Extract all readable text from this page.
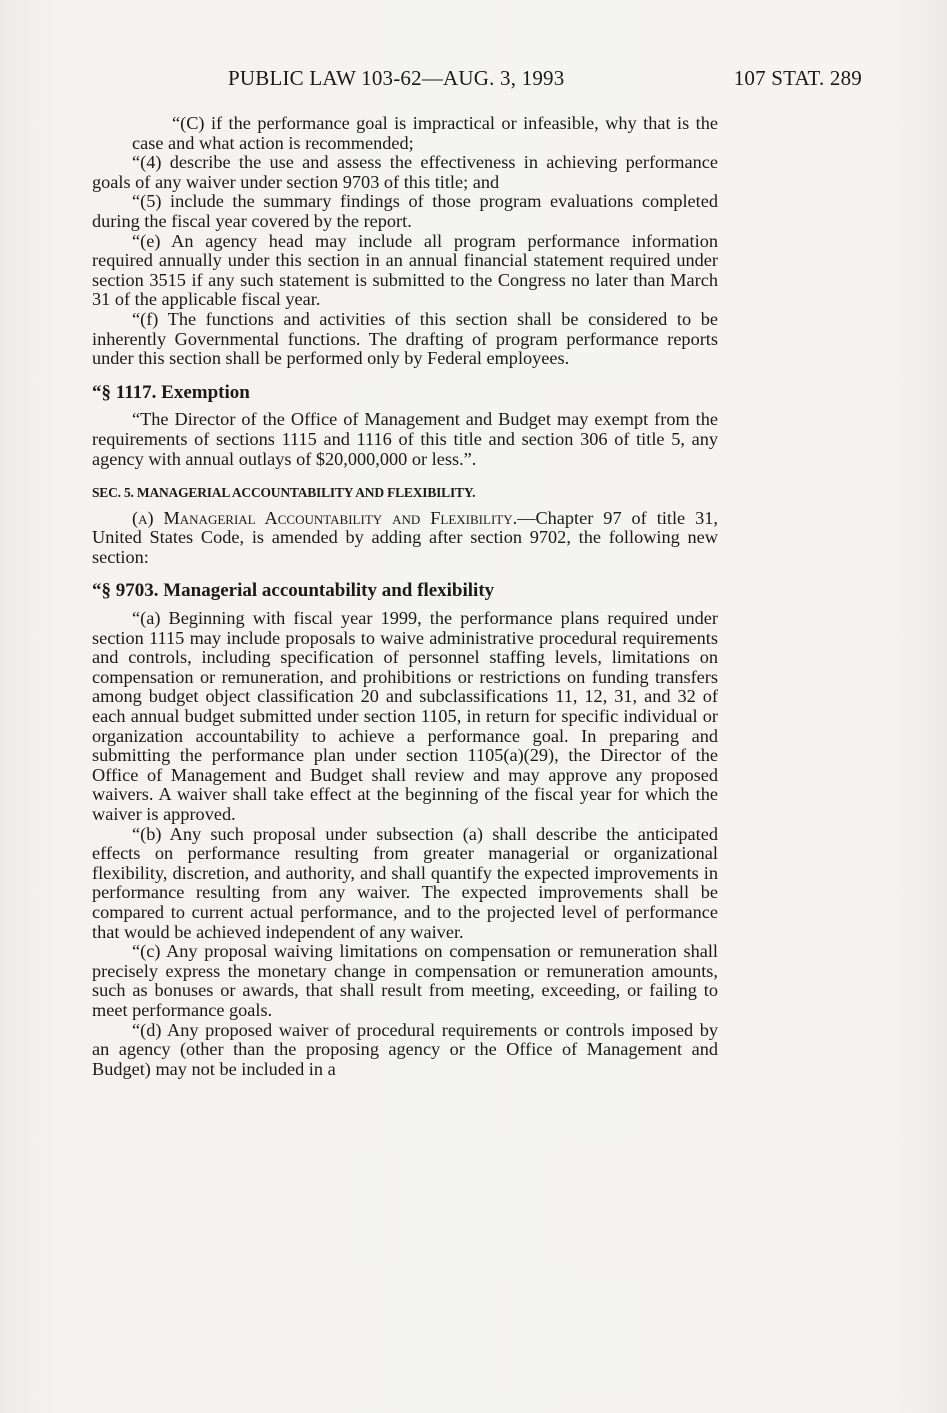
PUBLIC LAW 103-62—AUG. 3, 1993	107 STAT. 289

“(C) if the performance goal is impractical or infeasible, why that is the case and what action is recommended;

“(4) describe the use and assess the effectiveness in achieving performance goals of any waiver under section 9703 of this title; and

“(5) include the summary findings of those program evaluations completed during the fiscal year covered by the report.

“(e) An agency head may include all program performance information required annually under this section in an annual financial statement required under section 3515 if any such statement is submitted to the Congress no later than March 31 of the applicable fiscal year.

“(f) The functions and activities of this section shall be considered to be inherently Governmental functions. The drafting of program performance reports under this section shall be performed only by Federal employees.

“§ 1117. Exemption

“The Director of the Office of Management and Budget may exempt from the requirements of sections 1115 and 1116 of this title and section 306 of title 5, any agency with annual outlays of $20,000,000 or less.”.

SEC. 5. MANAGERIAL ACCOUNTABILITY AND FLEXIBILITY.

(a) Managerial Accountability and Flexibility.—Chapter 97 of title 31, United States Code, is amended by adding after section 9702, the following new section:

“§ 9703. Managerial accountability and flexibility

“(a) Beginning with fiscal year 1999, the performance plans required under section 1115 may include proposals to waive administrative procedural requirements and controls, including specification of personnel staffing levels, limitations on compensation or remuneration, and prohibitions or restrictions on funding transfers among budget object classification 20 and subclassifications 11, 12, 31, and 32 of each annual budget submitted under section 1105, in return for specific individual or organization accountability to achieve a performance goal. In preparing and submitting the performance plan under section 1105(a)(29), the Director of the Office of Management and Budget shall review and may approve any proposed waivers. A waiver shall take effect at the beginning of the fiscal year for which the waiver is approved.

“(b) Any such proposal under subsection (a) shall describe the anticipated effects on performance resulting from greater managerial or organizational flexibility, discretion, and authority, and shall quantify the expected improvements in performance resulting from any waiver. The expected improvements shall be compared to current actual performance, and to the projected level of performance that would be achieved independent of any waiver.

“(c) Any proposal waiving limitations on compensation or remuneration shall precisely express the monetary change in compensation or remuneration amounts, such as bonuses or awards, that shall result from meeting, exceeding, or failing to meet performance goals.

“(d) Any proposed waiver of procedural requirements or controls imposed by an agency (other than the proposing agency or the Office of Management and Budget) may not be included in a
